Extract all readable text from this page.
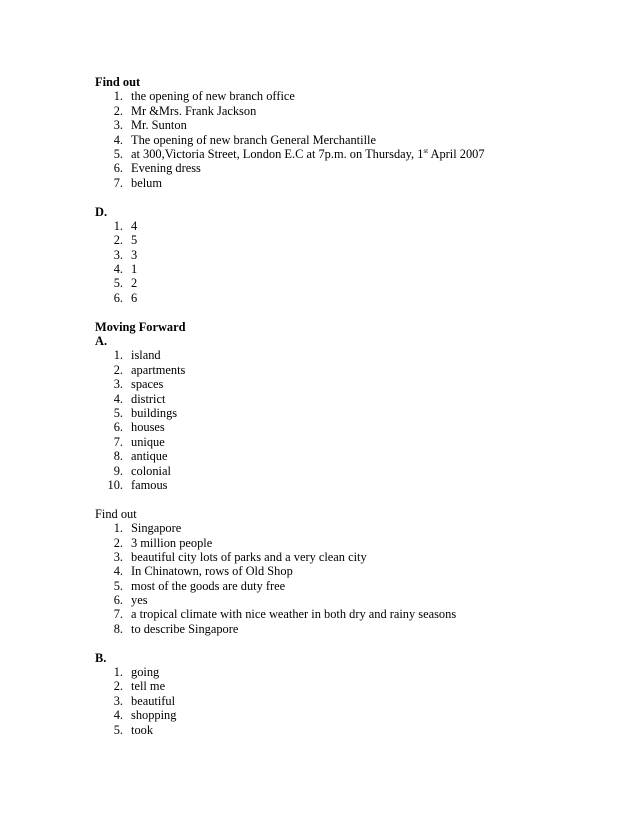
Find out
1. the opening of new branch office
2. Mr &Mrs. Frank Jackson
3. Mr. Sunton
4. The opening of new branch General Merchantille
5. at 300,Victoria Street, London E.C at 7p.m. on Thursday, 1st April 2007
6. Evening dress
7. belum
D.
1. 4
2. 5
3. 3
4. 1
5. 2
6. 6
Moving Forward
A.
1. island
2. apartments
3. spaces
4. district
5. buildings
6. houses
7. unique
8. antique
9. colonial
10. famous
Find out
1. Singapore
2. 3 million people
3. beautiful city lots of parks and a very clean city
4. In Chinatown, rows of Old Shop
5. most of the goods are duty free
6. yes
7. a tropical climate with nice weather in both dry and rainy seasons
8. to describe Singapore
B.
1. going
2. tell me
3. beautiful
4. shopping
5. took
